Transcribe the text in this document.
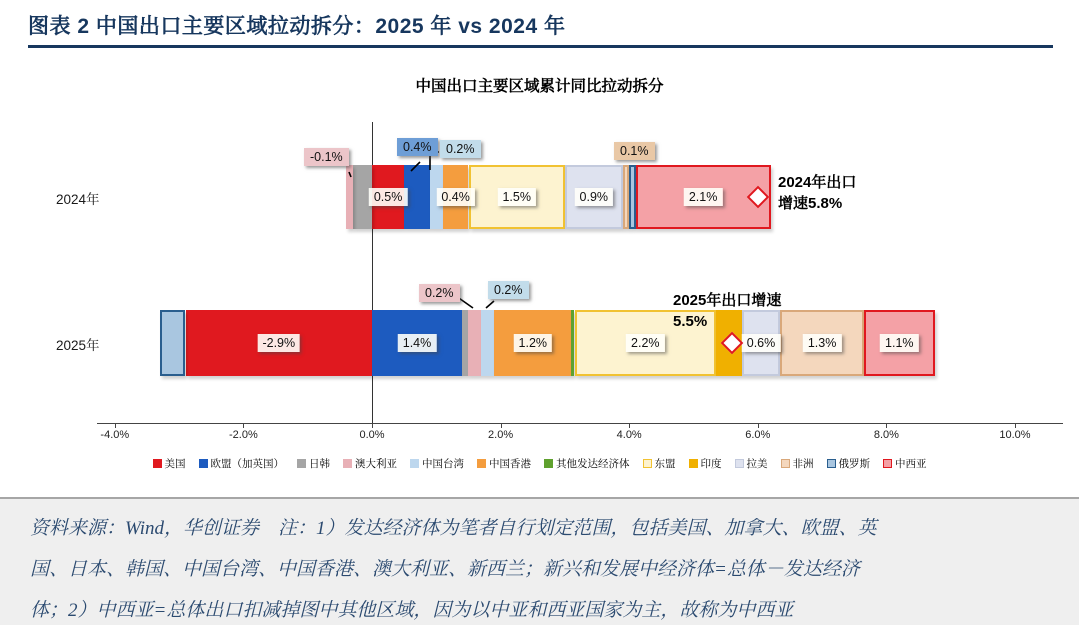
图表 2 中国出口主要区域拉动拆分：2025 年 vs 2024 年
中国出口主要区域累计同比拉动拆分
2024年
2025年
0.5%
0.4%
-0.1%
0.2%
0.4%	1.5%	0.9%
0.1%
2.1%
-2.9%	1.4%
0.2%	0.2%
1.2%	2.2%	0.6%	1.3%	1.1%
2024年出口
增速5.8%
2025年出口增速
5.5%
-4.0%	-2.0%	0.0%	2.0%	4.0%	6.0%	8.0%	10.0%
美国 欧盟（加英国） 日韩 澳大利亚 中国台湾 中国香港 其他发达经济体 东盟 印度 拉美 非洲 俄罗斯 中西亚
资料来源：Wind，华创证券　注：1）发达经济体为笔者自行划定范围，包括美国、加拿大、欧盟、英
国、日本、韩国、中国台湾、中国香港、澳大利亚、新西兰；新兴和发展中经济体=总体－发达经济
体；2）中西亚=总体出口扣减掉图中其他区域，因为以中亚和西亚国家为主，故称为中西亚
